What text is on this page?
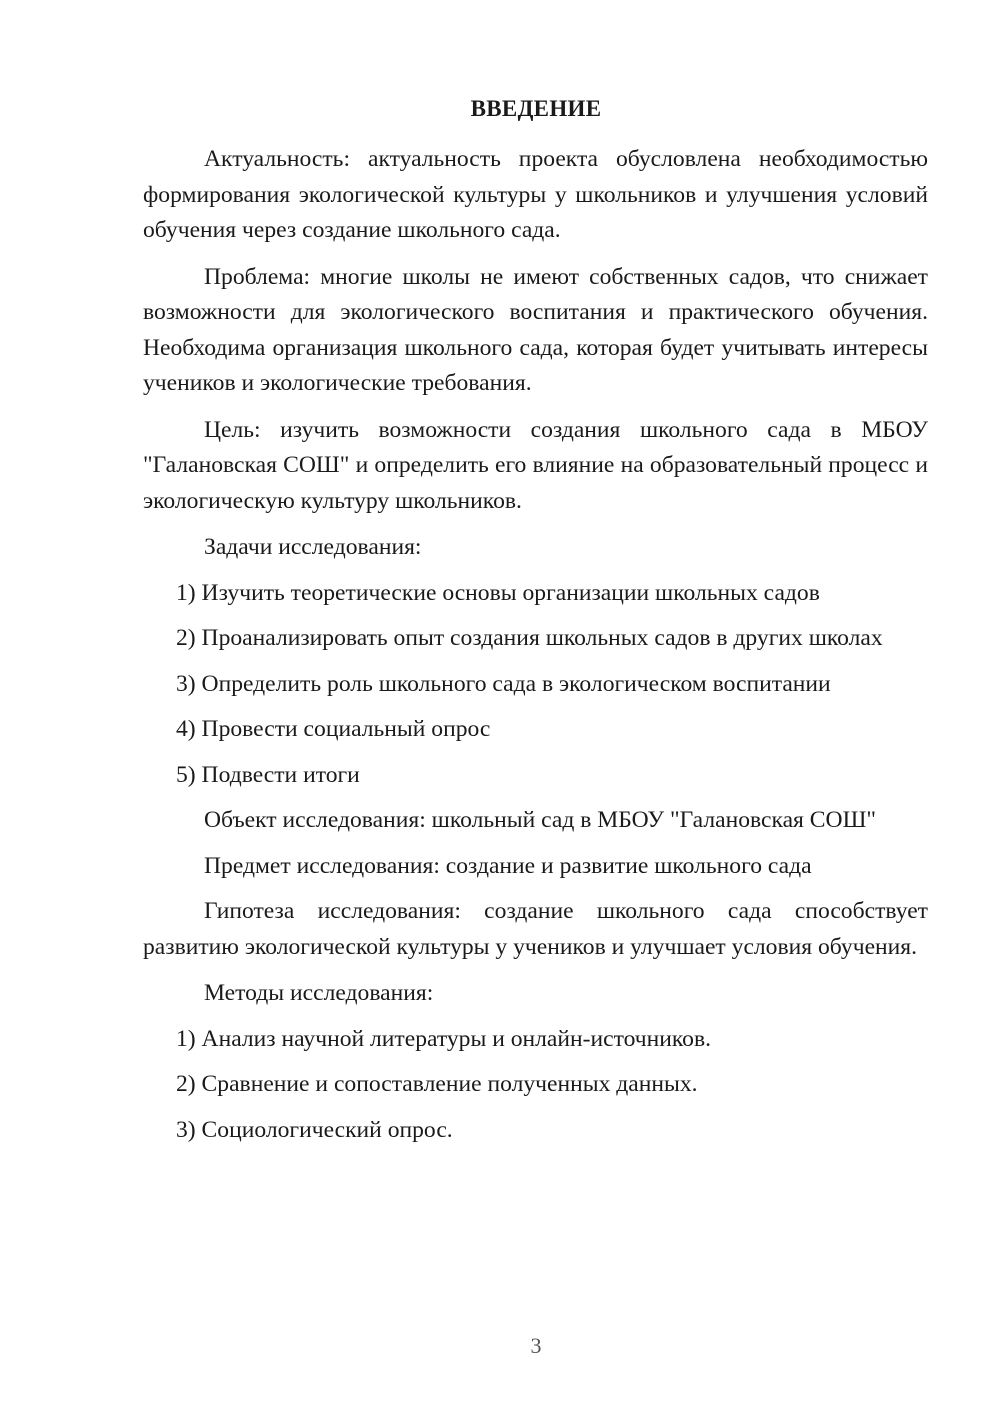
ВВЕДЕНИЕ

Актуальность: актуальность проекта обусловлена необходимостью формирования экологической культуры у школьников и улучшения условий обучения через создание школьного сада.

Проблема: многие школы не имеют собственных садов, что снижает возможности для экологического воспитания и практического обучения. Необходима организация школьного сада, которая будет учитывать интересы учеников и экологические требования.

Цель: изучить возможности создания школьного сада в МБОУ "Галановская СОШ" и определить его влияние на образовательный процесс и экологическую культуру школьников.

Задачи исследования:

1) Изучить теоретические основы организации школьных садов

2) Проанализировать опыт создания школьных садов в других школах

3) Определить роль школьного сада в экологическом воспитании

4) Провести социальный опрос

5) Подвести итоги

Объект исследования: школьный сад в МБОУ "Галановская СОШ"

Предмет исследования: создание и развитие школьного сада

Гипотеза исследования: создание школьного сада способствует развитию экологической культуры у учеников и улучшает условия обучения.

Методы исследования:

1) Анализ научной литературы и онлайн-источников.

2) Сравнение и сопоставление полученных данных.

3) Социологический опрос.

3
